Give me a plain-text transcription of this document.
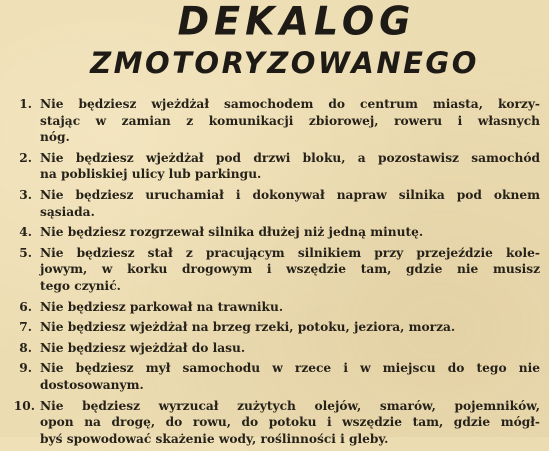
DEKALOG
ZMOTORYZOWANEGO
1. Nie będziesz wjeżdżał samochodem do centrum miasta, korzy-
stając w zamian z komunikacji zbiorowej, roweru i własnych
nóg.
2. Nie będziesz wjeżdżał pod drzwi bloku, a pozostawisz samochód
na pobliskiej ulicy lub parkingu.
3. Nie będziesz uruchamiał i dokonywał napraw silnika pod oknem
sąsiada.
4. Nie będziesz rozgrzewał silnika dłużej niż jedną minutę.
5. Nie będziesz stał z pracującym silnikiem przy przejeździe kole-
jowym, w korku drogowym i wszędzie tam, gdzie nie musisz
tego czynić.
6. Nie będziesz parkował na trawniku.
7. Nie będziesz wjeżdżał na brzeg rzeki, potoku, jeziora, morza.
8. Nie będziesz wjeżdżał do lasu.
9. Nie będziesz mył samochodu w rzece i w miejscu do tego nie
dostosowanym.
10. Nie będziesz wyrzucał zużytych olejów, smarów, pojemników,
opon na drogę, do rowu, do potoku i wszędzie tam, gdzie mógł-
byś spowodować skażenie wody, roślinności i gleby.
